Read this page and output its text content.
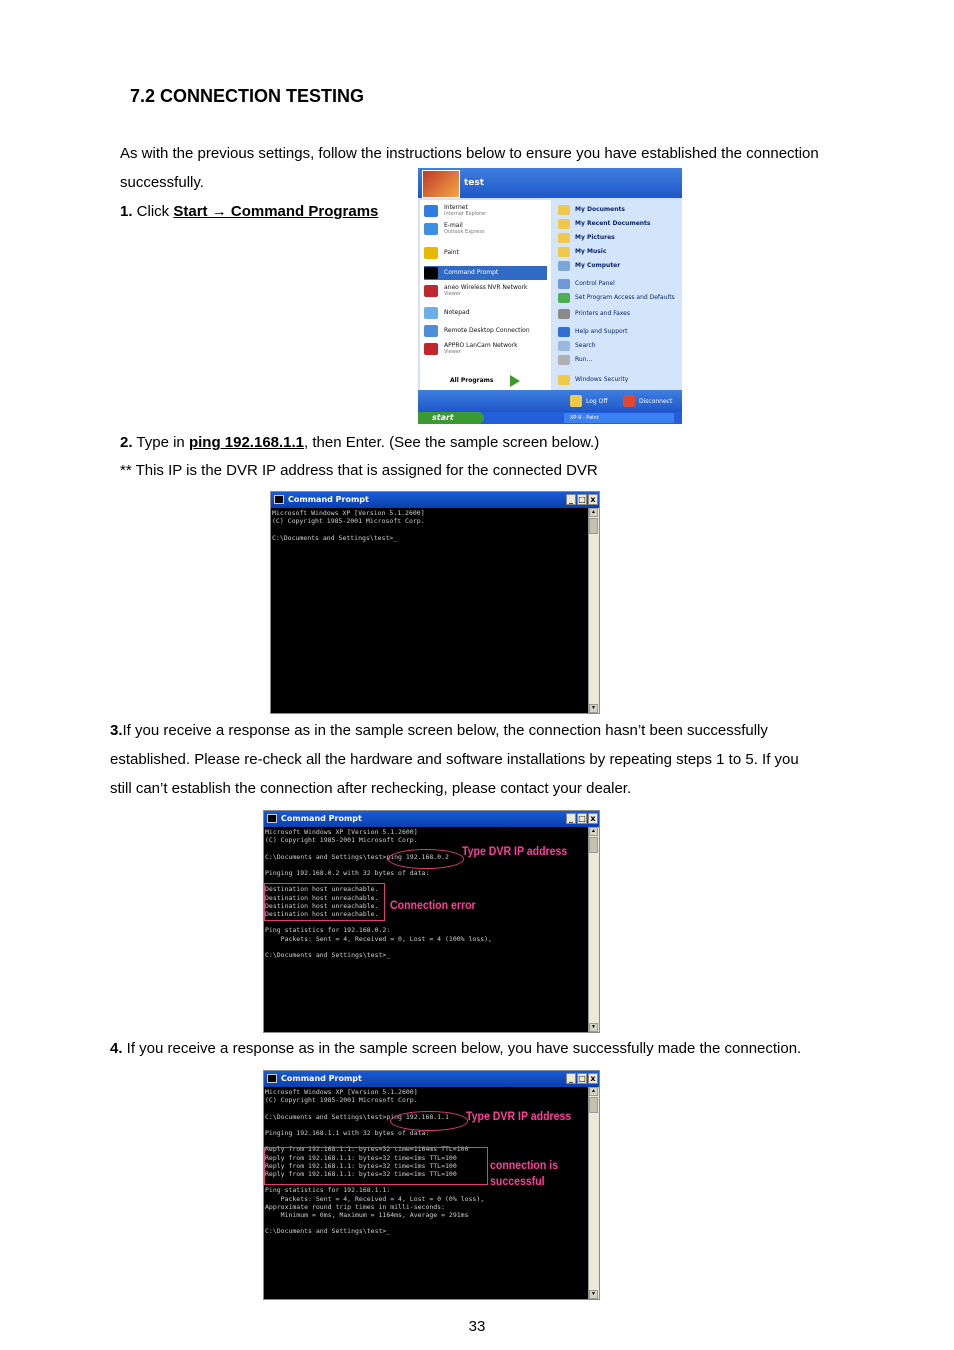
7.2 CONNECTION TESTING
As with the previous settings, follow the instructions below to ensure you have established the connection
successfully.
1. Click Start → Command Programs
test
Internet
Internet Explorer
E-mail
Outlook Express
Paint
Command Prompt
aneo Wireless NVR Network
Viewer
Notepad
Remote Desktop Connection
APPRO LanCam Network
Viewer
All Programs
My Documents
My Recent Documents
My Pictures
My Music
My Computer
Control Panel
Set Program Access and Defaults
Printers and Faxes
Help and Support
Search
Run...
Windows Security
Log Off	Disconnect
start	XP-9 - Paint
2. Type in ping 192.168.1.1, then Enter. (See the sample screen below.)
** This IP is the DVR IP address that is assigned for the connected DVR
Command Prompt	_ □ x
Microsoft Windows XP [Version 5.1.2600]
(C) Copyright 1985-2001 Microsoft Corp.

C:\Documents and Settings\test>_
▲
▼
3.If you receive a response as in the sample screen below, the connection hasn’t been successfully
established. Please re-check all the hardware and software installations by repeating steps 1 to 5. If you
still can’t establish the connection after rechecking, please contact your dealer.
Command Prompt	_ □ x
Microsoft Windows XP [Version 5.1.2600]
(C) Copyright 1985-2001 Microsoft Corp.

C:\Documents and Settings\test>ping 192.168.0.2

Pinging 192.168.0.2 with 32 bytes of data:

Destination host unreachable.
Destination host unreachable.
Destination host unreachable.
Destination host unreachable.

Ping statistics for 192.168.0.2:
Packets: Sent = 4, Received = 0, Lost = 4 (100% loss),

C:\Documents and Settings\test>_
▲
▼
Type DVR IP address
Connection error
4. If you receive a response as in the sample screen below, you have successfully made the connection.
Command Prompt	_ □ x
Microsoft Windows XP [Version 5.1.2600]
(C) Copyright 1985-2001 Microsoft Corp.

C:\Documents and Settings\test>ping 192.168.1.1

Pinging 192.168.1.1 with 32 bytes of data:

Reply from 192.168.1.1: bytes=32 time=1164ms TTL=100
Reply from 192.168.1.1: bytes=32 time<1ms TTL=100
Reply from 192.168.1.1: bytes=32 time<1ms TTL=100
Reply from 192.168.1.1: bytes=32 time<1ms TTL=100

Ping statistics for 192.168.1.1:
Packets: Sent = 4, Received = 4, Lost = 0 (0% loss),
Approximate round trip times in milli-seconds:
Minimum = 0ms, Maximum = 1164ms, Average = 291ms

C:\Documents and Settings\test>_
▲
▼
Type DVR IP address
connection is
successful
33
